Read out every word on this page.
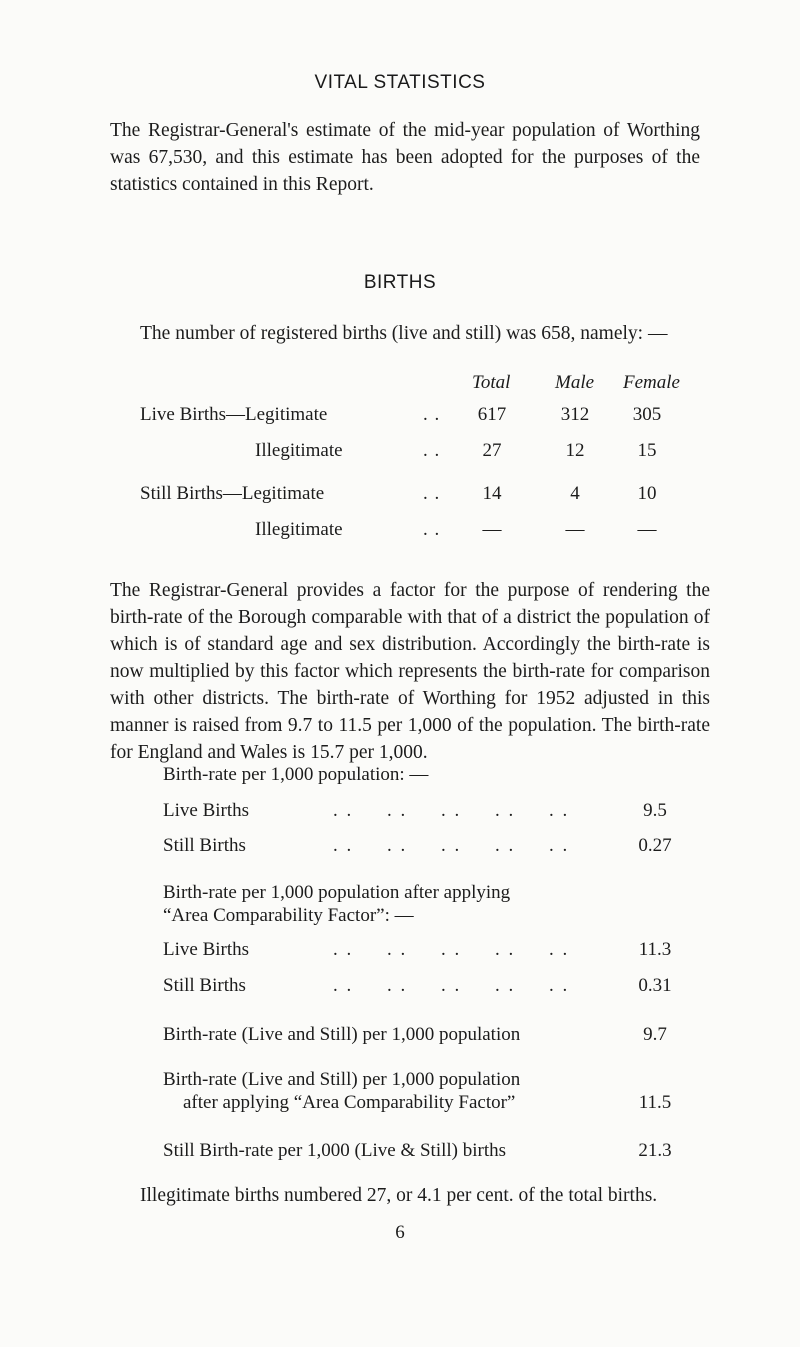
VITAL STATISTICS

The Registrar-General's estimate of the mid-year population of Worthing was 67,530, and this estimate has been adopted for the purposes of the statistics contained in this Report.

BIRTHS

The number of registered births (live and still) was 658, namely: —

Total Male Female
Live Births—Legitimate	. .	617	312	305
Illegitimate	. .	27	12	15
Still Births—Legitimate	. .	14	4	10
Illegitimate	. .	—	—	—

The Registrar-General provides a factor for the purpose of rendering the birth-rate of the Borough comparable with that of a district the population of which is of standard age and sex distribution. Accordingly the birth-rate is now multiplied by this factor which represents the birth-rate for comparison with other districts. The birth-rate of Worthing for 1952 adjusted in this manner is raised from 9.7 to 11.5 per 1,000 of the population. The birth-rate for England and Wales is 15.7 per 1,000.

Birth-rate per 1,000 population: —
Live Births	. .     . .     . .     . .     . .	9.5
Still Births	. .     . .     . .     . .     . .	0.27
Birth-rate per 1,000 population after applying
“Area Comparability Factor”: —
Live Births	. .     . .     . .     . .     . .	11.3
Still Births	. .     . .     . .     . .     . .	0.31
Birth-rate (Live and Still) per 1,000 population	9.7
Birth-rate (Live and Still) per 1,000 population
after applying “Area Comparability Factor”	11.5
Still Birth-rate per 1,000 (Live & Still) births	21.3
Illegitimate births numbered 27, or 4.1 per cent. of the total births.
6
